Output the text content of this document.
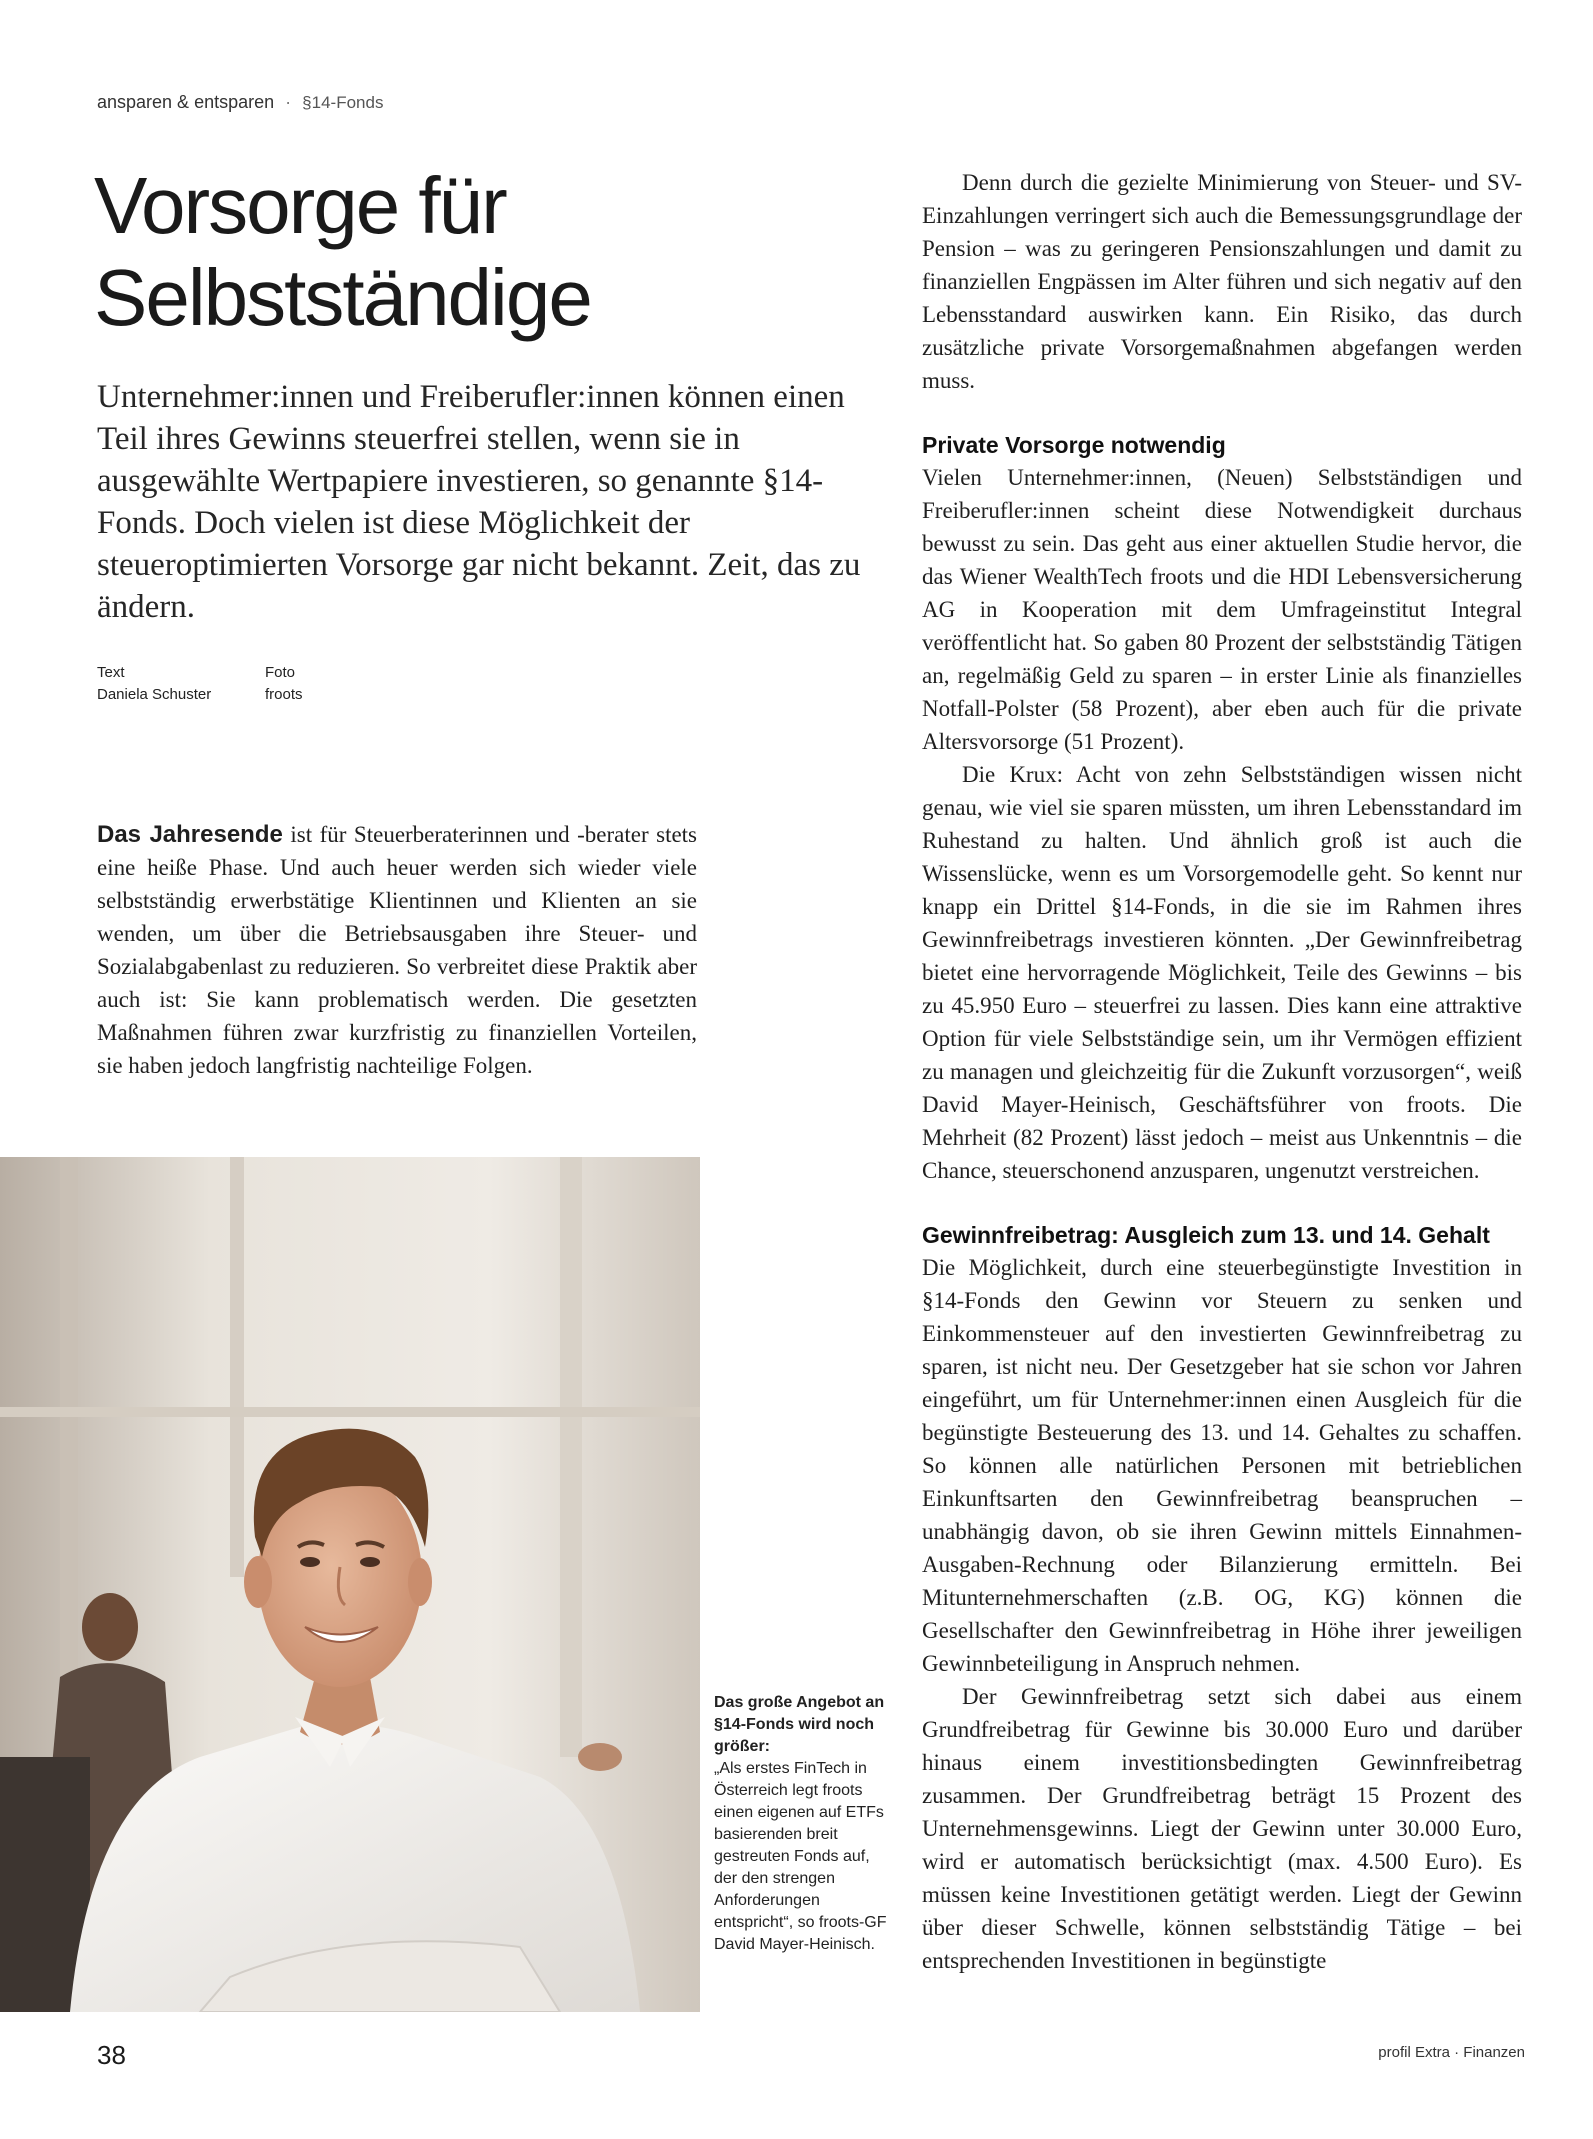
ansparen & entsparen · §14-Fonds
Vorsorge für
Selbstständige

Unternehmer:innen und Freiberufler:innen können einen Teil ihres Gewinns steuerfrei stellen, wenn sie in ausgewählte Wertpapiere investieren, so genannte §14-Fonds. Doch vielen ist diese Möglichkeit der steueroptimierten Vorsorge gar nicht bekannt. Zeit, das zu ändern.

Text
Daniela Schuster
Foto
froots

Das Jahresende ist für Steuerberaterinnen und -berater stets eine heiße Phase. Und auch heuer werden sich wieder viele selbstständig erwerbstätige Klientinnen und Klienten an sie wenden, um über die Betriebsausgaben ihre Steuer- und Sozialabgabenlast zu reduzieren. So verbreitet diese Praktik aber auch ist: Sie kann problematisch werden. Die gesetzten Maßnahmen führen zwar kurzfristig zu finanziellen Vorteilen, sie haben jedoch langfristig nachteilige Folgen.

Denn durch die gezielte Minimierung von Steuer- und SV-Einzahlungen verringert sich auch die Bemessungsgrundlage der Pension – was zu geringeren Pensionszahlungen und damit zu finanziellen Engpässen im Alter führen und sich negativ auf den Lebensstandard auswirken kann. Ein Risiko, das durch zusätzliche private Vorsorgemaßnahmen abgefangen werden muss.

Private Vorsorge notwendig

Vielen Unternehmer:innen, (Neuen) Selbstständigen und Freiberufler:innen scheint diese Notwendigkeit durchaus bewusst zu sein. Das geht aus einer aktuellen Studie hervor, die das Wiener WealthTech froots und die HDI Lebensversicherung AG in Kooperation mit dem Umfrageinstitut Integral veröffentlicht hat. So gaben 80 Prozent der selbstständig Tätigen an, regelmäßig Geld zu sparen – in erster Linie als finanzielles Notfall-Polster (58 Prozent), aber eben auch für die private Altersvorsorge (51 Prozent).

Die Krux: Acht von zehn Selbstständigen wissen nicht genau, wie viel sie sparen müssten, um ihren Lebensstandard im Ruhestand zu halten. Und ähnlich groß ist auch die Wissenslücke, wenn es um Vorsorgemodelle geht. So kennt nur knapp ein Drittel §14-Fonds, in die sie im Rahmen ihres Gewinnfreibetrags investieren könnten. „Der Gewinnfreibetrag bietet eine hervorragende Möglichkeit, Teile des Gewinns – bis zu 45.950 Euro – steuerfrei zu lassen. Dies kann eine attraktive Option für viele Selbstständige sein, um ihr Vermögen effizient zu managen und gleichzeitig für die Zukunft vorzusorgen“, weiß David Mayer-Heinisch, Geschäftsführer von froots. Die Mehrheit (82 Prozent) lässt jedoch – meist aus Unkenntnis – die Chance, steuerschonend anzusparen, ungenutzt verstreichen.

Gewinnfreibetrag: Ausgleich zum 13. und 14. Gehalt

Die Möglichkeit, durch eine steuerbegünstigte Investition in §14-Fonds den Gewinn vor Steuern zu senken und Einkommensteuer auf den investierten Gewinnfreibetrag zu sparen, ist nicht neu. Der Gesetzgeber hat sie schon vor Jahren eingeführt, um für Unternehmer:innen einen Ausgleich für die begünstigte Besteuerung des 13. und 14. Gehaltes zu schaffen. So können alle natürlichen Personen mit betrieblichen Einkunftsarten den Gewinnfreibetrag beanspruchen – unabhängig davon, ob sie ihren Gewinn mittels Einnahmen-Ausgaben-Rechnung oder Bilanzierung ermitteln. Bei Mitunternehmerschaften (z.B. OG, KG) können die Gesellschafter den Gewinnfreibetrag in Höhe ihrer jeweiligen Gewinnbeteiligung in Anspruch nehmen.

Der Gewinnfreibetrag setzt sich dabei aus einem Grundfreibetrag für Gewinne bis 30.000 Euro und darüber hinaus einem investitionsbedingten Gewinnfreibetrag zusammen. Der Grundfreibetrag beträgt 15 Prozent des Unternehmensgewinns. Liegt der Gewinn unter 30.000 Euro, wird er automatisch berücksichtigt (max. 4.500 Euro). Es müssen keine Investitionen getätigt werden. Liegt der Gewinn über dieser Schwelle, können selbstständig Tätige – bei entsprechenden Investitionen in begünstigte

Das große Angebot an §14-Fonds wird noch größer:
„Als erstes FinTech in Österreich legt froots einen eigenen auf ETFs basierenden breit gestreuten Fonds auf, der den strengen Anforderungen entspricht“, so froots-GF David Mayer-Heinisch.
38	profil Extra · Finanzen
